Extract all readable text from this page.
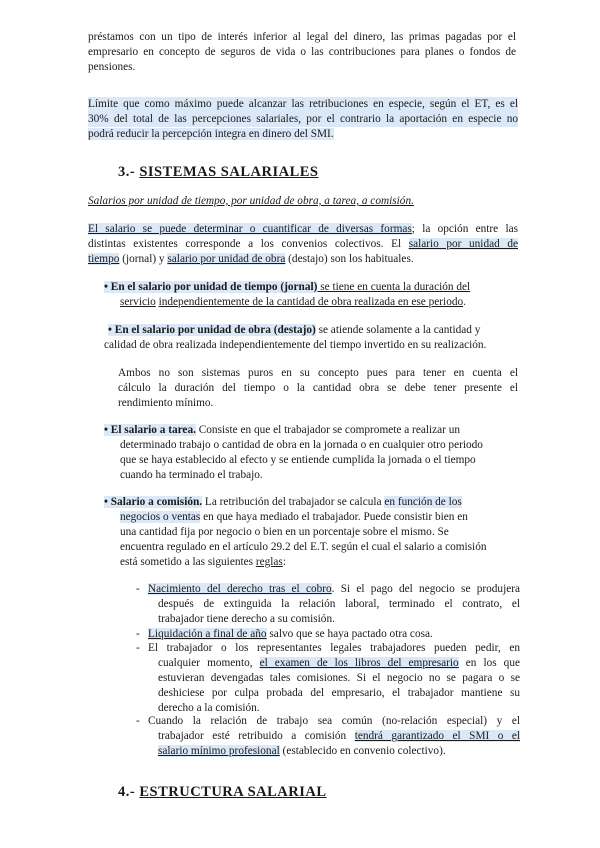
préstamos con un tipo de interés inferior al legal del dinero, las primas pagadas por el
empresario en concepto de seguros de vida o las contribuciones para planes o fondos de
pensiones.
Límite que como máximo puede alcanzar las retribuciones en especie, según el ET, es el
30% del total de las percepciones salariales, por el contrario la aportación en especie no
podrá reducir la percepción integra en dinero del SMI.
3.- SISTEMAS SALARIALES
Salarios por unidad de tiempo, por unidad de obra, a tarea, a comisión.
El salario se puede determinar o cuantificar de diversas formas; la opción entre las
distintas existentes corresponde a los convenios colectivos. El salario por unidad de
tiempo (jornal) y salario por unidad de obra (destajo) son los habituales.
• En el salario por unidad de tiempo (jornal) se tiene en cuenta la duración del
servicio independientemente de la cantidad de obra realizada en ese periodo.
• En el salario por unidad de obra (destajo) se atiende solamente a la cantidad y
calidad de obra realizada independientemente del tiempo invertido en su realización.
Ambos no son sistemas puros en su concepto pues para tener en cuenta el
cálculo la duración del tiempo o la cantidad obra se debe tener presente el
rendimiento mínimo.
• El salario a tarea. Consiste en que el trabajador se compromete a realizar un
determinado trabajo o cantidad de obra en la jornada o en cualquier otro periodo
que se haya establecido al efecto y se entiende cumplida la jornada o el tiempo
cuando ha terminado el trabajo.
• Salario a comisión. La retribución del trabajador se calcula en función de los
negocios o ventas en que haya mediado el trabajador. Puede consistir bien en
una cantidad fija por negocio o bien en un porcentaje sobre el mismo. Se
encuentra regulado en el artículo 29.2 del E.T. según el cual el salario a comisión
está sometido a las siguientes reglas:
- Nacimiento del derecho tras el cobro. Si el pago del negocio se produjera
después de extinguida la relación laboral, terminado el contrato, el
trabajador tiene derecho a su comisión.
- Liquidación a final de año salvo que se haya pactado otra cosa.
- El trabajador o los representantes legales trabajadores pueden pedir, en
cualquier momento, el examen de los libros del empresario en los que
estuvieran devengadas tales comisiones. Si el negocio no se pagara o se
deshiciese por culpa probada del empresario, el trabajador mantiene su
derecho a la comisión.
- Cuando la relación de trabajo sea común (no-relación especial) y el
trabajador esté retribuido a comisión tendrá garantizado el SMI o el
salario mínimo profesional (establecido en convenio colectivo).
4.- ESTRUCTURA SALARIAL
